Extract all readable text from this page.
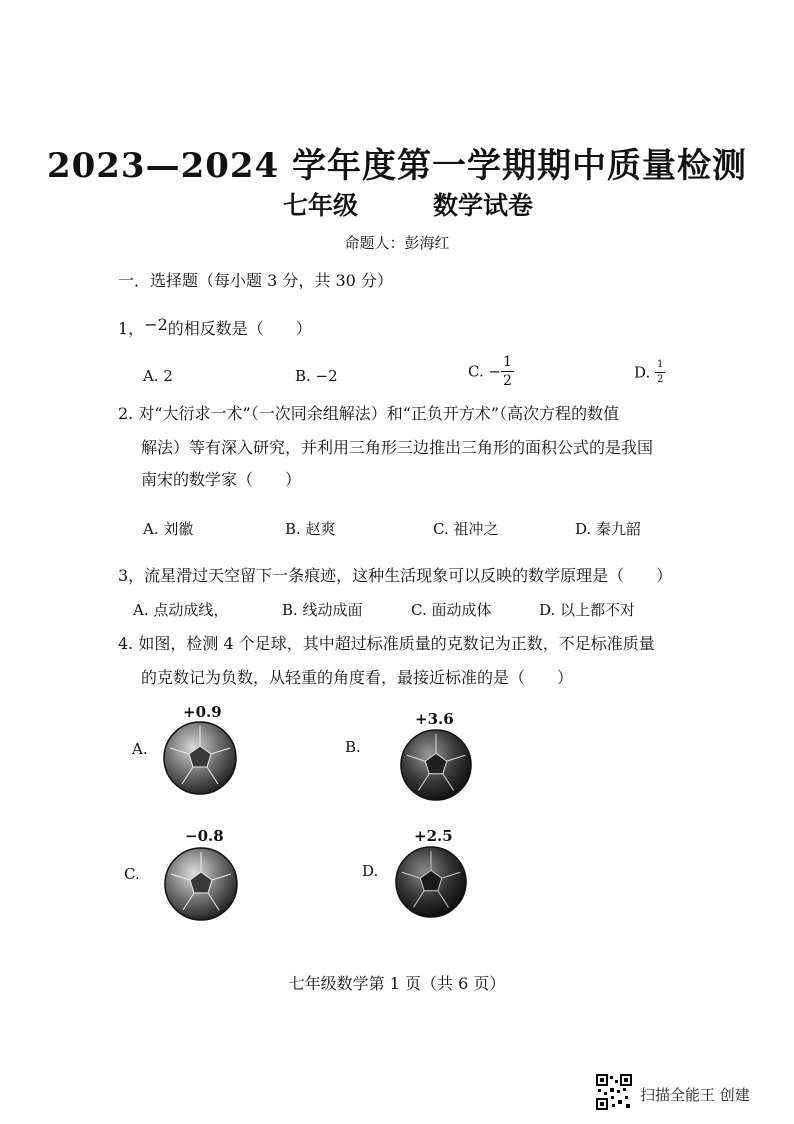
2023—2024 学年度第一学期期中质量检测
七年级	数学试卷
命题人：彭海红
一．选择题（每小题 3 分，共 30 分）
1，−2的相反数是（　　）
A. 2	B. −2	C. − $\frac{1}{2}$	D. $\frac{1}{2}$
2. 对“大衍求一术”（一次同余组解法）和“正负开方术”（高次方程的数值
解法）等有深入研究，并利用三角形三边推出三角形的面积公式的是我国
南宋的数学家（　　）
A. 刘徽	B. 赵爽	C. 祖冲之	D. 秦九韶
3，流星滑过天空留下一条痕迹，这种生活现象可以反映的数学原理是（　　）
A. 点动成线，	B. 线动成面	C. 面动成体	D. 以上都不对
4. 如图，检测 4 个足球，其中超过标准质量的克数记为正数，不足标准质量
的克数记为负数，从轻重的角度看，最接近标准的是（　　）
+0.9
A.
+3.6
B.
−0.8
C.
+2.5
D.
七年级数学第 1 页（共 6 页）
扫描全能王 创建
